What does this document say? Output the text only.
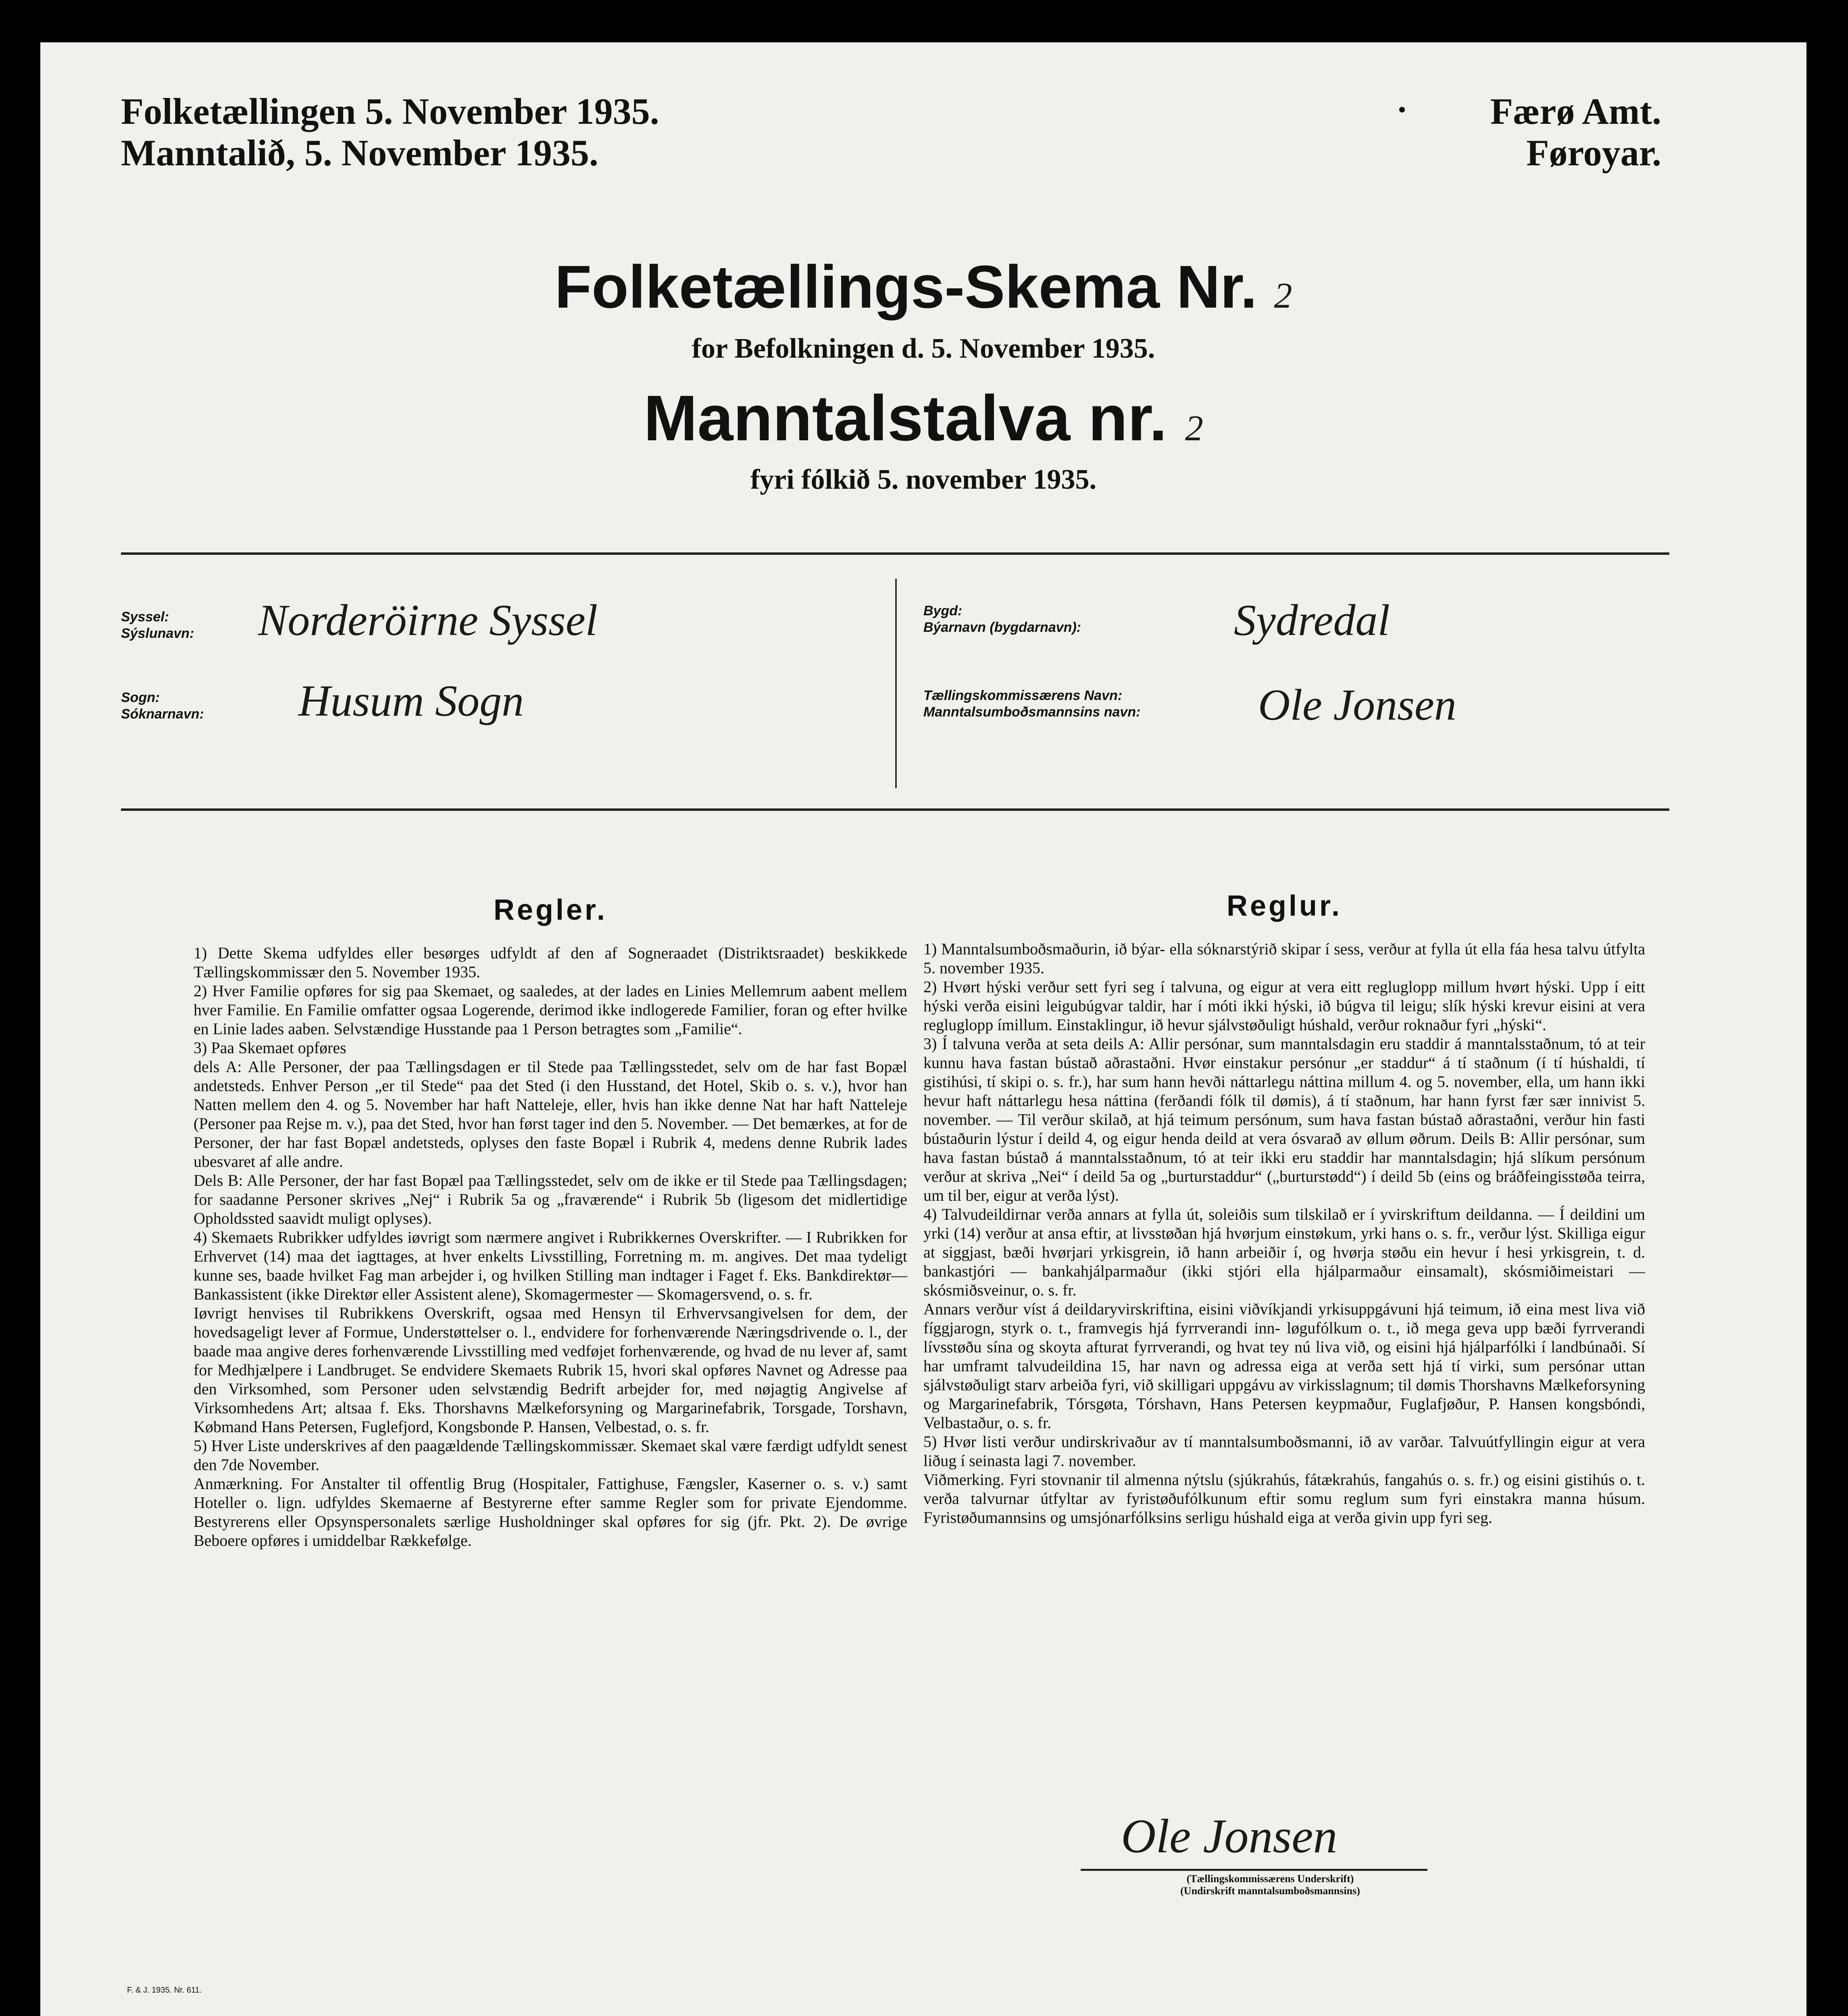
Folketællingen 5. November 1935.
Manntalið, 5. November 1935.
Færø Amt.
Føroyar.
Folketællings-Skema Nr. 2
for Befolkningen d. 5. November 1935.
Manntalstalva nr. 2
fyri fólkið 5. november 1935.
Syssel:
Sýslunavn: Norderöirne Syssel
Sogn:
Sóknarnavn: Husum Sogn
Bygd:
Býarnavn (bygdarnavn):	Sydredal
Tællingskommissærens Navn:
Manntalsumboðsmannsins navn:	Ole Jonsen
Regler.

1) Dette Skema udfyldes eller besørges udfyldt af den af Sogneraadet (Distriktsraadet) beskikkede Tællingskommissær den 5. November 1935.

2) Hver Familie opføres for sig paa Skemaet, og saaledes, at der lades en Linies Mellemrum aabent mellem hver Familie. En Familie omfatter ogsaa Logerende, derimod ikke indlogerede Familier, foran og efter hvilke en Linie lades aaben. Selvstændige Husstande paa 1 Person betragtes som „Familie“.

3) Paa Skemaet opføres

dels A: Alle Personer, der paa Tællingsdagen er til Stede paa Tællingsstedet, selv om de har fast Bopæl andetsteds. Enhver Person „er til Stede“ paa det Sted (i den Husstand, det Hotel, Skib o. s. v.), hvor han Natten mellem den 4. og 5. November har haft Natteleje, eller, hvis han ikke denne Nat har haft Natteleje (Personer paa Rejse m. v.), paa det Sted, hvor han først tager ind den 5. November. — Det bemærkes, at for de Personer, der har fast Bopæl andetsteds, oplyses den faste Bopæl i Rubrik 4, medens denne Rubrik lades ubesvaret af alle andre.

Dels B: Alle Personer, der har fast Bopæl paa Tællingsstedet, selv om de ikke er til Stede paa Tællingsdagen; for saadanne Personer skrives „Nej“ i Rubrik 5a og „fraværende“ i Rubrik 5b (ligesom det midlertidige Opholdssted saavidt muligt oplyses).

4) Skemaets Rubrikker udfyldes iøvrigt som nærmere angivet i Rubrikkernes Overskrifter. — I Rubrikken for Erhvervet (14) maa det iagttages, at hver enkelts Livsstilling, Forretning m. m. angives. Det maa tydeligt kunne ses, baade hvilket Fag man arbejder i, og hvilken Stilling man indtager i Faget f. Eks. Bankdirektør—Bankassistent (ikke Direktør eller Assistent alene), Skomagermester — Skomagersvend, o. s. fr.

Iøvrigt henvises til Rubrikkens Overskrift, ogsaa med Hensyn til Erhvervsangivelsen for dem, der hovedsageligt lever af Formue, Understøttelser o. l., endvidere for forhenværende Næringsdrivende o. l., der baade maa angive deres forhenværende Livsstilling med vedføjet forhenværende, og hvad de nu lever af, samt for Medhjælpere i Landbruget. Se endvidere Skemaets Rubrik 15, hvori skal opføres Navnet og Adresse paa den Virksomhed, som Personer uden selvstændig Bedrift arbejder for, med nøjagtig Angivelse af Virksomhedens Art; altsaa f. Eks. Thorshavns Mælkeforsyning og Margarinefabrik, Torsgade, Torshavn, Købmand Hans Petersen, Fuglefjord, Kongsbonde P. Hansen, Velbestad, o. s. fr.

5) Hver Liste underskrives af den paagældende Tællingskommissær. Skemaet skal være færdigt udfyldt senest den 7de November.

Anmærkning. For Anstalter til offentlig Brug (Hospitaler, Fattighuse, Fængsler, Kaserner o. s. v.) samt Hoteller o. lign. udfyldes Skemaerne af Bestyrerne efter samme Regler som for private Ejendomme. Bestyrerens eller Opsynspersonalets særlige Husholdninger skal opføres for sig (jfr. Pkt. 2). De øvrige Beboere opføres i umiddelbar Rækkefølge.

Reglur.

1) Manntalsumboðsmaðurin, ið býar- ella sóknarstýrið skipar í sess, verður at fylla út ella fáa hesa talvu útfylta 5. november 1935.

2) Hvørt hýski verður sett fyri seg í talvuna, og eigur at vera eitt regluglopp millum hvørt hýski. Upp í eitt hýski verða eisini leigubúgvar taldir, har í móti ikki hýski, ið búgva til leigu; slík hýski krevur eisini at vera regluglopp ímillum. Einstaklingur, ið hevur sjálvstøðuligt húshald, verður roknaður fyri „hýski“.

3) Í talvuna verða at seta deils A: Allir persónar, sum manntalsdagin eru staddir á manntalsstaðnum, tó at teir kunnu hava fastan bústað aðrastaðni. Hvør einstakur persónur „er staddur“ á tí staðnum (í tí húshaldi, tí gistihúsi, tí skipi o. s. fr.), har sum hann hevði náttarlegu náttina millum 4. og 5. november, ella, um hann ikki hevur haft náttarlegu hesa náttina (ferðandi fólk til dømis), á tí staðnum, har hann fyrst fær sær innivist 5. november. — Til verður skilað, at hjá teimum persónum, sum hava fastan bústað aðrastaðni, verður hin fasti bústaðurin lýstur í deild 4, og eigur henda deild at vera ósvarað av øllum øðrum. Deils B: Allir persónar, sum hava fastan bústað á manntalsstaðnum, tó at teir ikki eru staddir har manntalsdagin; hjá slíkum persónum verður at skriva „Nei“ í deild 5a og „burturstaddur“ („burturstødd“) í deild 5b (eins og bráðfeingisstøða teirra, um til ber, eigur at verða lýst).

4) Talvudeildirnar verða annars at fylla út, soleiðis sum tilskilað er í yvirskriftum deildanna. — Í deildini um yrki (14) verður at ansa eftir, at livsstøðan hjá hvørjum einstøkum, yrki hans o. s. fr., verður lýst. Skilliga eigur at siggjast, bæði hvørjari yrkisgrein, ið hann arbeiðir í, og hvørja støðu ein hevur í hesi yrkisgrein, t. d. bankastjóri — bankahjálparmaður (ikki stjóri ella hjálparmaður einsamalt), skósmiðimeistari — skósmiðsveinur, o. s. fr.

Annars verður víst á deildaryvirskriftina, eisini viðvíkjandi yrkisuppgávuni hjá teimum, ið eina mest liva við fíggjarogn, styrk o. t., framvegis hjá fyrrverandi inn- løgufólkum o. t., ið mega geva upp bæði fyrrverandi lívsstøðu sína og skoyta afturat fyrrverandi, og hvat tey nú liva við, og eisini hjá hjálparfólki í landbúnaði. Sí har umframt talvudeildina 15, har navn og adressa eiga at verða sett hjá tí virki, sum persónar uttan sjálvstøðuligt starv arbeiða fyri, við skilligari uppgávu av virkisslagnum; til dømis Thorshavns Mælkeforsyning og Margarinefabrik, Tórsgøta, Tórshavn, Hans Petersen keypmaður, Fuglafjøður, P. Hansen kongsbóndi, Velbastaður, o. s. fr.

5) Hvør listi verður undirskrivaður av tí manntalsumboðsmanni, ið av varðar. Talvuútfyllingin eigur at vera liðug í seinasta lagi 7. november.

Viðmerking. Fyri stovnanir til almenna nýtslu (sjúkrahús, fátækrahús, fangahús o. s. fr.) og eisini gistihús o. t. verða talvurnar útfyltar av fyristøðufólkunum eftir somu reglum sum fyri einstakra manna húsum. Fyristøðumannsins og umsjónarfólksins serligu húshald eiga at verða givin upp fyri seg.

Ole Jonsen
(Tællingskommissærens Underskrift)
(Undirskrift manntalsumboðsmannsins)
F. & J. 1935. Nr. 611.
